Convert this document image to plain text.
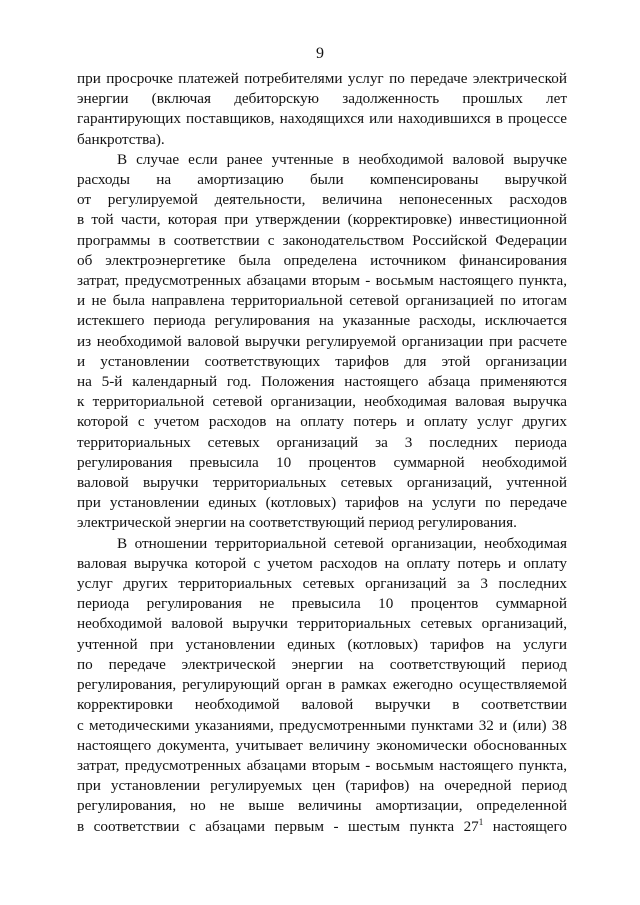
9
при просрочке платежей потребителями услуг по передаче электрической
энергии (включая дебиторскую задолженность прошлых лет
гарантирующих поставщиков, находящихся или находившихся в процессе
банкротства).
В случае если ранее учтенные в необходимой валовой выручке
расходы на амортизацию были компенсированы выручкой
от регулируемой деятельности, величина непонесенных расходов
в той части, которая при утверждении (корректировке) инвестиционной
программы в соответствии с законодательством Российской Федерации
об электроэнергетике была определена источником финансирования
затрат, предусмотренных абзацами вторым - восьмым настоящего пункта,
и не была направлена территориальной сетевой организацией по итогам
истекшего периода регулирования на указанные расходы, исключается
из необходимой валовой выручки регулируемой организации при расчете
и установлении соответствующих тарифов для этой организации
на 5-й календарный год. Положения настоящего абзаца применяются
к территориальной сетевой организации, необходимая валовая выручка
которой с учетом расходов на оплату потерь и оплату услуг других
территориальных сетевых организаций за 3 последних периода
регулирования превысила 10 процентов суммарной необходимой
валовой выручки территориальных сетевых организаций, учтенной
при установлении единых (котловых) тарифов на услуги по передаче
электрической энергии на соответствующий период регулирования.
В отношении территориальной сетевой организации, необходимая
валовая выручка которой с учетом расходов на оплату потерь и оплату
услуг других территориальных сетевых организаций за 3 последних
периода регулирования не превысила 10 процентов суммарной
необходимой валовой выручки территориальных сетевых организаций,
учтенной при установлении единых (котловых) тарифов на услуги
по передаче электрической энергии на соответствующий период
регулирования, регулирующий орган в рамках ежегодно осуществляемой
корректировки необходимой валовой выручки в соответствии
с методическими указаниями, предусмотренными пунктами 32 и (или) 38
настоящего документа, учитывает величину экономически обоснованных
затрат, предусмотренных абзацами вторым - восьмым настоящего пункта,
при установлении регулируемых цен (тарифов) на очередной период
регулирования, но не выше величины амортизации, определенной
в соответствии с абзацами первым - шестым пункта $27^1$ настоящего
